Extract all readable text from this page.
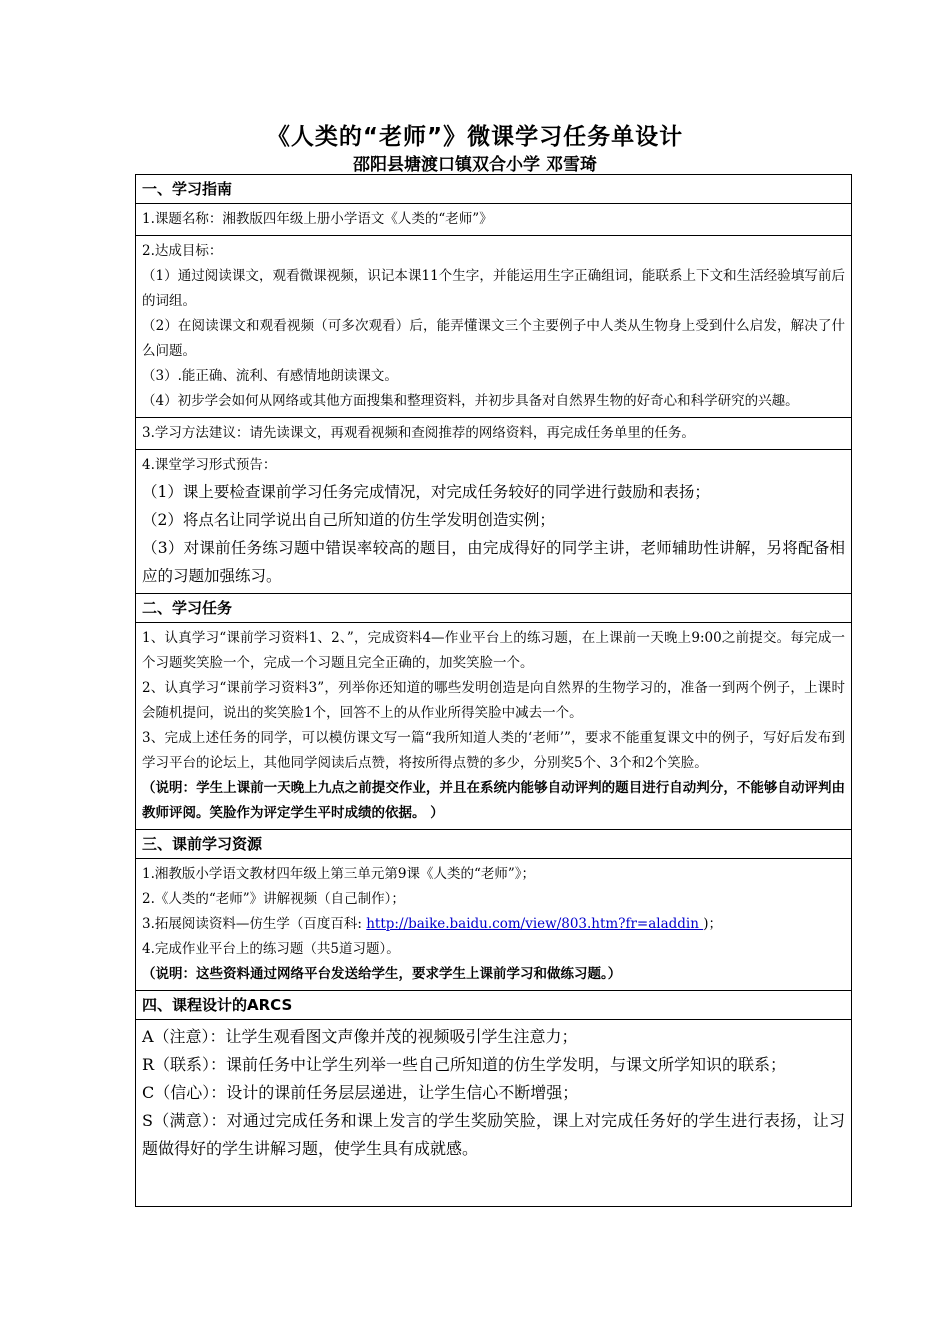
《人类的“老师”》微课学习任务单设计
邵阳县塘渡口镇双合小学 邓雪琦
一、学习指南
1.课题名称：湘教版四年级上册小学语文《人类的“老师”》

2.达成目标：

（1）通过阅读课文，观看微课视频，识记本课11个生字，并能运用生字正确组词，能联系上下文和生活经验填写前后的词组。

（2）在阅读课文和观看视频（可多次观看）后，能弄懂课文三个主要例子中人类从生物身上受到什么启发，解决了什么问题。

（3）.能正确、流利、有感情地朗读课文。

（4）初步学会如何从网络或其他方面搜集和整理资料，并初步具备对自然界生物的好奇心和科学研究的兴趣。

3.学习方法建议：请先读课文，再观看视频和查阅推荐的网络资料，再完成任务单里的任务。

4.课堂学习形式预告：

（1）课上要检查课前学习任务完成情况，对完成任务较好的同学进行鼓励和表扬；

（2）将点名让同学说出自己所知道的仿生学发明创造实例；

（3）对课前任务练习题中错误率较高的题目，由完成得好的同学主讲，老师辅助性讲解，另将配备相应的习题加强练习。

二、学习任务

1、认真学习“课前学习资料1、2、”，完成资料4—作业平台上的练习题，在上课前一天晚上9:00之前提交。每完成一个习题奖笑脸一个，完成一个习题且完全正确的，加奖笑脸一个。

2、认真学习“课前学习资料3”，列举你还知道的哪些发明创造是向自然界的生物学习的，准备一到两个例子，上课时会随机提问，说出的奖笑脸1个，回答不上的从作业所得笑脸中减去一个。

3、完成上述任务的同学，可以模仿课文写一篇“我所知道人类的‘老师’”，要求不能重复课文中的例子，写好后发布到学习平台的论坛上，其他同学阅读后点赞，将按所得点赞的多少，分别奖5个、3个和2个笑脸。

（说明：学生上课前一天晚上九点之前提交作业，并且在系统内能够自动评判的题目进行自动判分，不能够自动评判由教师评阅。笑脸作为评定学生平时成绩的依据。 ）

三、课前学习资源

1.湘教版小学语文教材四年级上第三单元第9课《人类的“老师”》；

2.《人类的“老师”》讲解视频（自己制作）；

3.拓展阅读资料—仿生学（百度百科: http://baike.baidu.com/view/803.htm?fr=aladdin )；

4.完成作业平台上的练习题（共5道习题）。

（说明：这些资料通过网络平台发送给学生，要求学生上课前学习和做练习题。）

四、课程设计的ARCS

A（注意）：让学生观看图文声像并茂的视频吸引学生注意力；

R（联系）：课前任务中让学生列举一些自己所知道的仿生学发明，与课文所学知识的联系；

C（信心）：设计的课前任务层层递进，让学生信心不断增强；

S（满意）：对通过完成任务和课上发言的学生奖励笑脸，课上对完成任务好的学生进行表扬，让习题做得好的学生讲解习题，使学生具有成就感。
